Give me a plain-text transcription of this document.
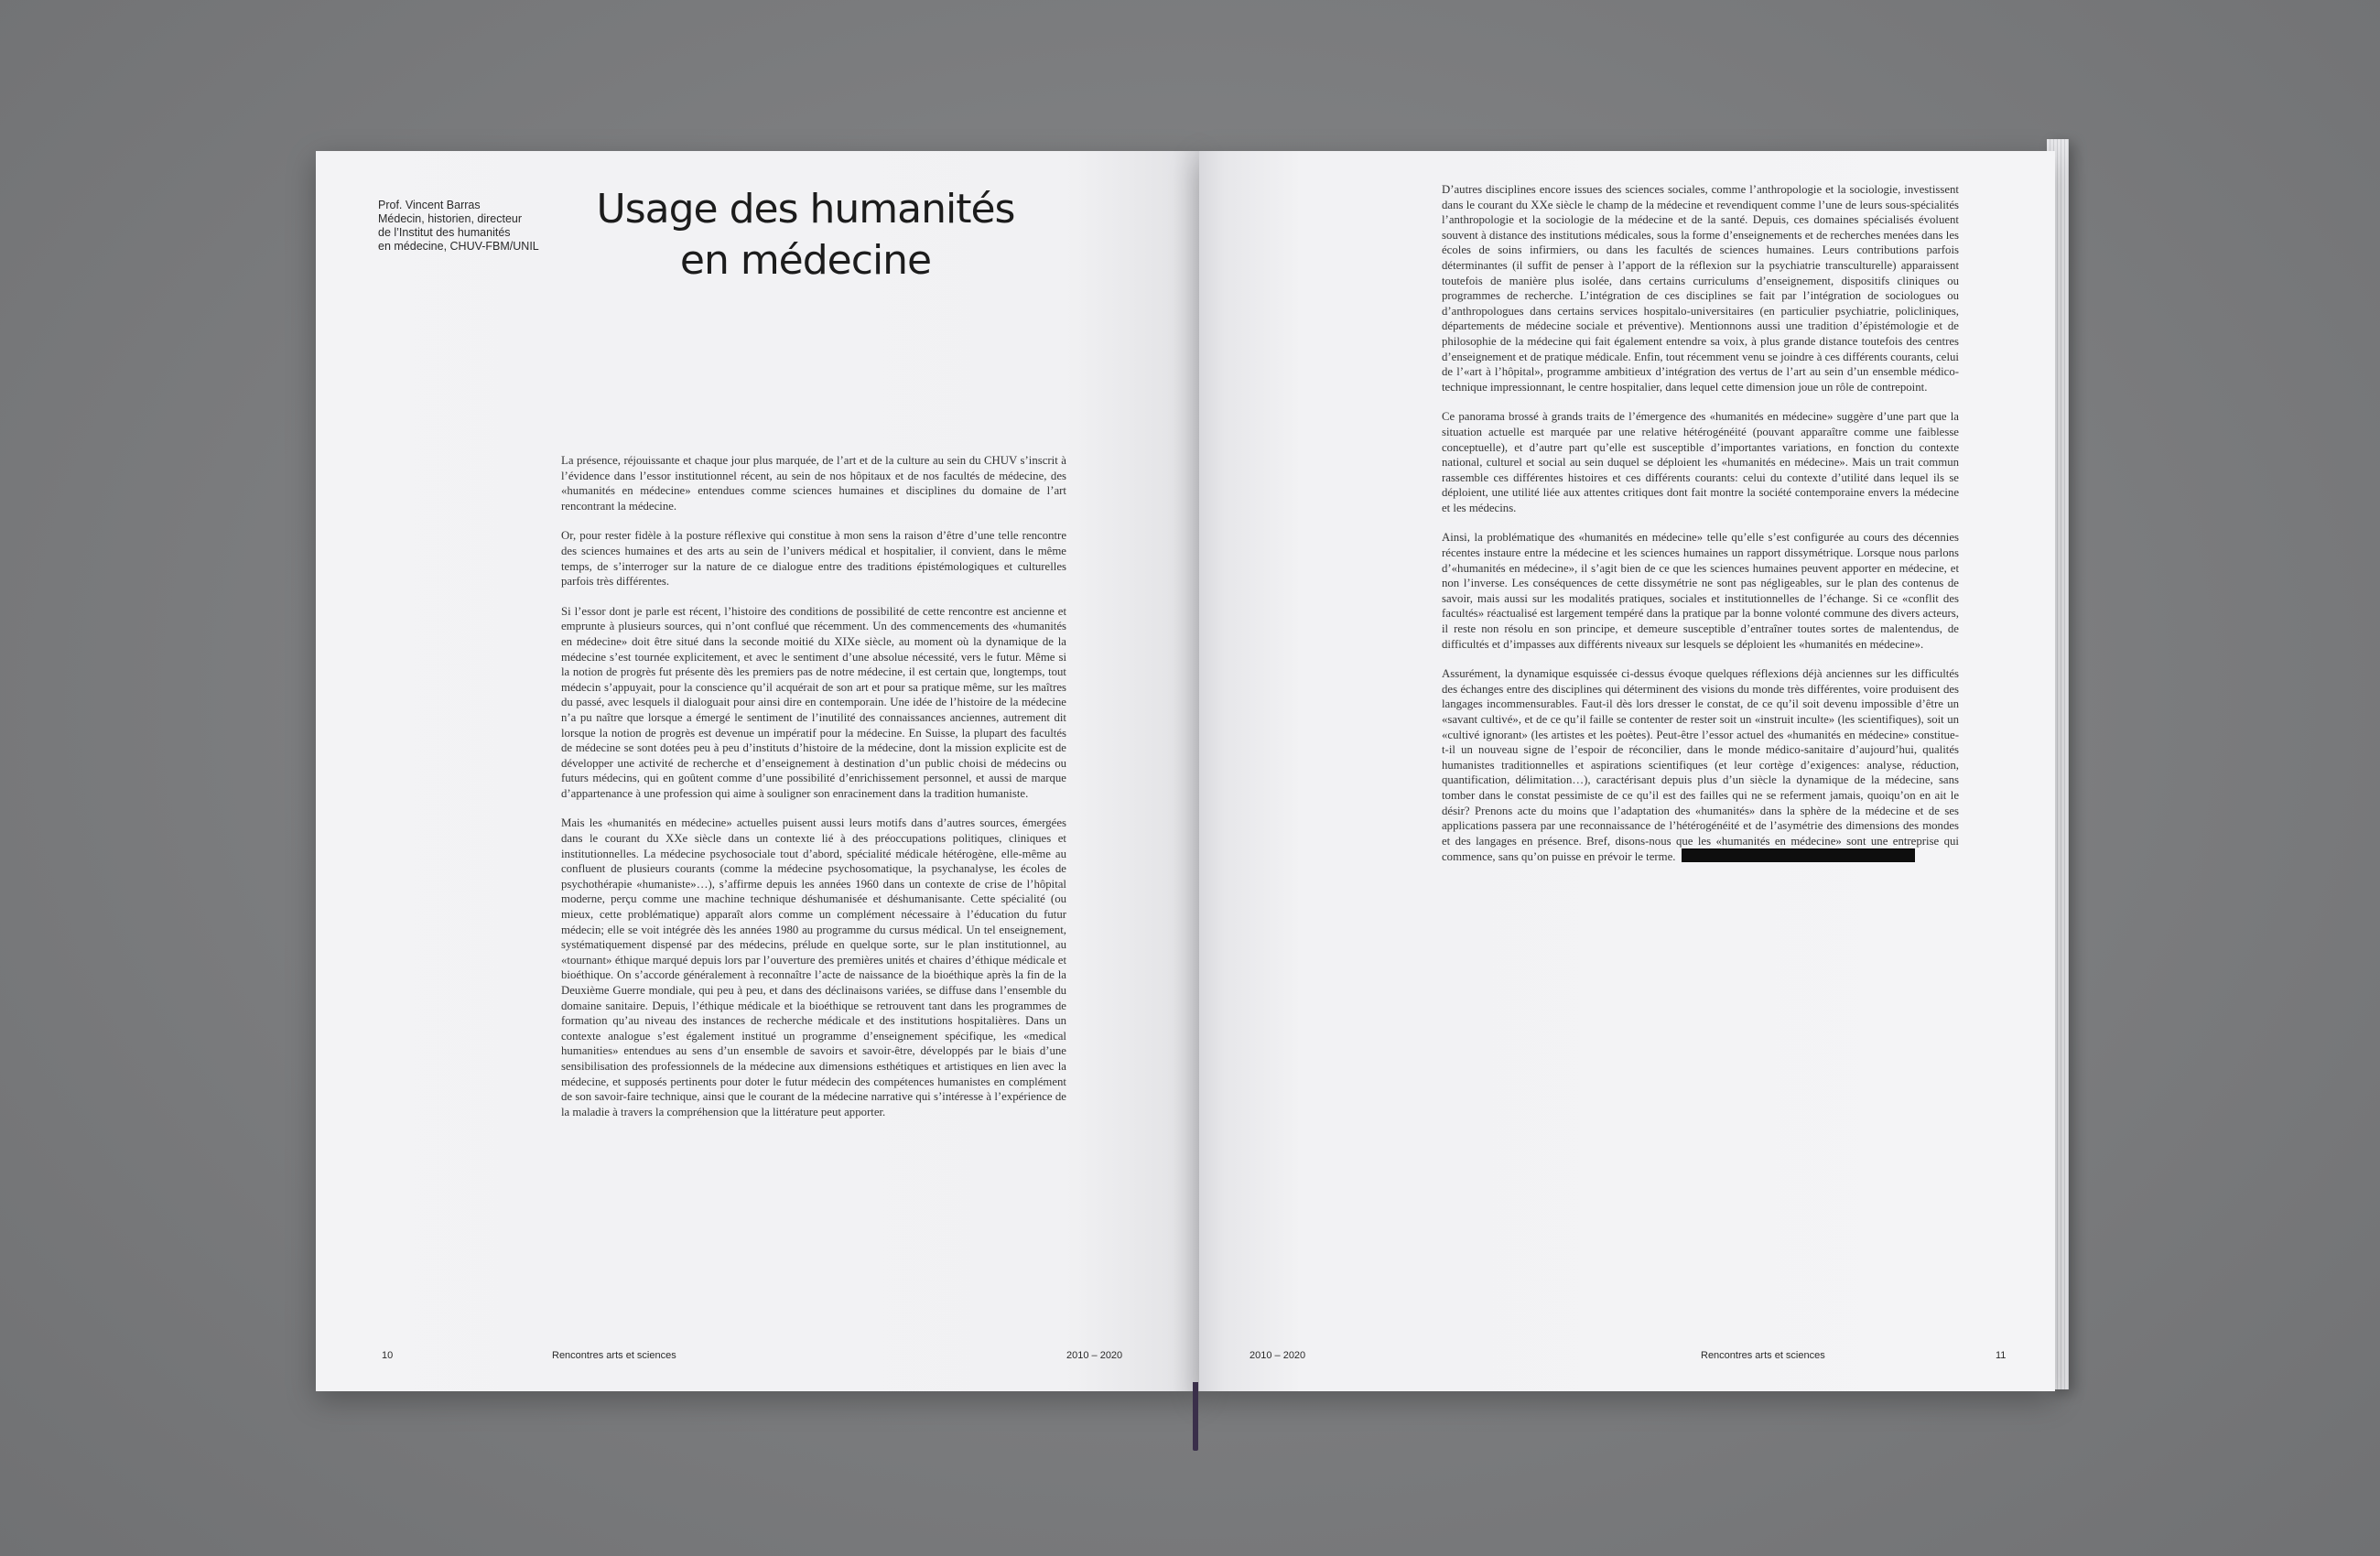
Prof. Vincent Barras
Médecin, historien, directeur
de l’Institut des humanités
en médecine, CHUV-FBM/UNIL
Usage des humanités
en médecine

La présence, réjouissante et chaque jour plus marquée, de l’art et de la culture au sein du CHUV s’inscrit à l’évidence dans l’essor institutionnel récent, au sein de nos hôpitaux et de nos facultés de médecine, des «humanités en médecine» entendues comme sciences humaines et disciplines du domaine de l’art rencontrant la médecine.

Or, pour rester fidèle à la posture réflexive qui constitue à mon sens la raison d’être d’une telle rencontre des sciences humaines et des arts au sein de l’univers médical et hospitalier, il convient, dans le même temps, de s’interroger sur la nature de ce dialogue entre des traditions épistémologiques et culturelles parfois très différentes.

Si l’essor dont je parle est récent, l’histoire des conditions de possibilité de cette rencontre est ancienne et emprunte à plusieurs sources, qui n’ont conflué que récemment. Un des commencements des «humanités en médecine» doit être situé dans la seconde moitié du XIXe siècle, au moment où la dynamique de la médecine s’est tournée explicitement, et avec le sentiment d’une absolue nécessité, vers le futur. Même si la notion de progrès fut présente dès les premiers pas de notre médecine, il est certain que, longtemps, tout médecin s’appuyait, pour la conscience qu’il acquérait de son art et pour sa pratique même, sur les maîtres du passé, avec lesquels il dialoguait pour ainsi dire en contemporain. Une idée de l’histoire de la médecine n’a pu naître que lorsque a émergé le sentiment de l’inutilité des connaissances anciennes, autrement dit lorsque la notion de progrès est devenue un impératif pour la médecine. En Suisse, la plupart des facultés de médecine se sont dotées peu à peu d’instituts d’histoire de la médecine, dont la mission explicite est de développer une activité de recherche et d’enseignement à destination d’un public choisi de médecins ou futurs médecins, qui en goûtent comme d’une possibilité d’enrichissement personnel, et aussi de marque d’appartenance à une profession qui aime à souligner son enracinement dans la tradition humaniste.

Mais les «humanités en médecine» actuelles puisent aussi leurs motifs dans d’autres sources, émergées dans le courant du XXe siècle dans un contexte lié à des préoccupations politiques, cliniques et institutionnelles. La médecine psychosociale tout d’abord, spécialité médicale hétérogène, elle-même au confluent de plusieurs courants (comme la médecine psychosomatique, la psychanalyse, les écoles de psychothérapie «humaniste»…), s’affirme depuis les années 1960 dans un contexte de crise de l’hôpital moderne, perçu comme une machine technique déshumanisée et déshumanisante. Cette spécialité (ou mieux, cette problématique) apparaît alors comme un complément nécessaire à l’éducation du futur médecin; elle se voit intégrée dès les années 1980 au programme du cursus médical. Un tel enseignement, systématiquement dispensé par des médecins, prélude en quelque sorte, sur le plan institutionnel, au «tournant» éthique marqué depuis lors par l’ouverture des premières unités et chaires d’éthique médicale et bioéthique. On s’accorde généralement à reconnaître l’acte de naissance de la bioéthique après la fin de la Deuxième Guerre mondiale, qui peu à peu, et dans des déclinaisons variées, se diffuse dans l’ensemble du domaine sanitaire. Depuis, l’éthique médicale et la bioéthique se retrouvent tant dans les programmes de formation qu’au niveau des instances de recherche médicale et des institutions hospitalières. Dans un contexte analogue s’est également institué un programme d’enseignement spécifique, les «medical humanities» entendues au sens d’un ensemble de savoirs et savoir-être, développés par le biais d’une sensibilisation des professionnels de la médecine aux dimensions esthétiques et artistiques en lien avec la médecine, et supposés pertinents pour doter le futur médecin des compétences humanistes en complément de son savoir-faire technique, ainsi que le courant de la médecine narrative qui s’intéresse à l’expérience de la maladie à travers la compréhension que la littérature peut apporter.

10	Rencontres arts et sciences	2010 – 2020

D’autres disciplines encore issues des sciences sociales, comme l’anthropologie et la sociologie, investissent dans le courant du XXe siècle le champ de la médecine et revendiquent comme l’une de leurs sous-spécialités l’anthropologie et la sociologie de la médecine et de la santé. Depuis, ces domaines spécialisés évoluent souvent à distance des institutions médicales, sous la forme d’enseignements et de recherches menées dans les écoles de soins infirmiers, ou dans les facultés de sciences humaines. Leurs contributions parfois déterminantes (il suffit de penser à l’apport de la réflexion sur la psychiatrie transculturelle) apparaissent toutefois de manière plus isolée, dans certains curriculums d’enseignement, dispositifs cliniques ou programmes de recherche. L’intégration de ces disciplines se fait par l’intégration de sociologues ou d’anthropologues dans certains services hospitalo-universitaires (en particulier psychiatrie, policliniques, départements de médecine sociale et préventive). Mentionnons aussi une tradition d’épistémologie et de philosophie de la médecine qui fait également entendre sa voix, à plus grande distance toutefois des centres d’enseignement et de pratique médicale. Enfin, tout récemment venu se joindre à ces différents courants, celui de l’«art à l’hôpital», programme ambitieux d’intégration des vertus de l’art au sein d’un ensemble médico-technique impressionnant, le centre hospitalier, dans lequel cette dimension joue un rôle de contrepoint.

Ce panorama brossé à grands traits de l’émergence des «humanités en médecine» suggère d’une part que la situation actuelle est marquée par une relative hétérogénéité (pouvant apparaître comme une faiblesse conceptuelle), et d’autre part qu’elle est susceptible d’importantes variations, en fonction du contexte national, culturel et social au sein duquel se déploient les «humanités en médecine». Mais un trait commun rassemble ces différentes histoires et ces différents courants: celui du contexte d’utilité dans lequel ils se déploient, une utilité liée aux attentes critiques dont fait montre la société contemporaine envers la médecine et les médecins.

Ainsi, la problématique des «humanités en médecine» telle qu’elle s’est configurée au cours des décennies récentes instaure entre la médecine et les sciences humaines un rapport dissymétrique. Lorsque nous parlons d’«humanités en médecine», il s’agit bien de ce que les sciences humaines peuvent apporter en médecine, et non l’inverse. Les conséquences de cette dissymétrie ne sont pas négligeables, sur le plan des contenus de savoir, mais aussi sur les modalités pratiques, sociales et institutionnelles de l’échange. Si ce «conflit des facultés» réactualisé est largement tempéré dans la pratique par la bonne volonté commune des divers acteurs, il reste non résolu en son principe, et demeure susceptible d’entraîner toutes sortes de malentendus, de difficultés et d’impasses aux différents niveaux sur lesquels se déploient les «humanités en médecine».

Assurément, la dynamique esquissée ci-dessus évoque quelques réflexions déjà anciennes sur les difficultés des échanges entre des disciplines qui déterminent des visions du monde très différentes, voire produisent des langages incommensurables. Faut-il dès lors dresser le constat, de ce qu’il soit devenu impossible d’être un «savant cultivé», et de ce qu’il faille se contenter de rester soit un «instruit inculte» (les scientifiques), soit un «cultivé ignorant» (les artistes et les poètes). Peut-être l’essor actuel des «humanités en médecine» constitue-t-il un nouveau signe de l’espoir de réconcilier, dans le monde médico-sanitaire d’aujourd’hui, qualités humanistes traditionnelles et aspirations scientifiques (et leur cortège d’exigences: analyse, réduction, quantification, délimitation…), caractérisant depuis plus d’un siècle la dynamique de la médecine, sans tomber dans le constat pessimiste de ce qu’il est des failles qui ne se referment jamais, quoiqu’on en ait le désir? Prenons acte du moins que l’adaptation des «humanités» dans la sphère de la médecine et de ses applications passera par une reconnaissance de l’hétérogénéité et de l’asymétrie des dimensions des mondes et des langages en présence. Bref, disons-nous que les «humanités en médecine» sont une entreprise qui commence, sans qu’on puisse en prévoir le terme.

2010 – 2020	Rencontres arts et sciences	11
